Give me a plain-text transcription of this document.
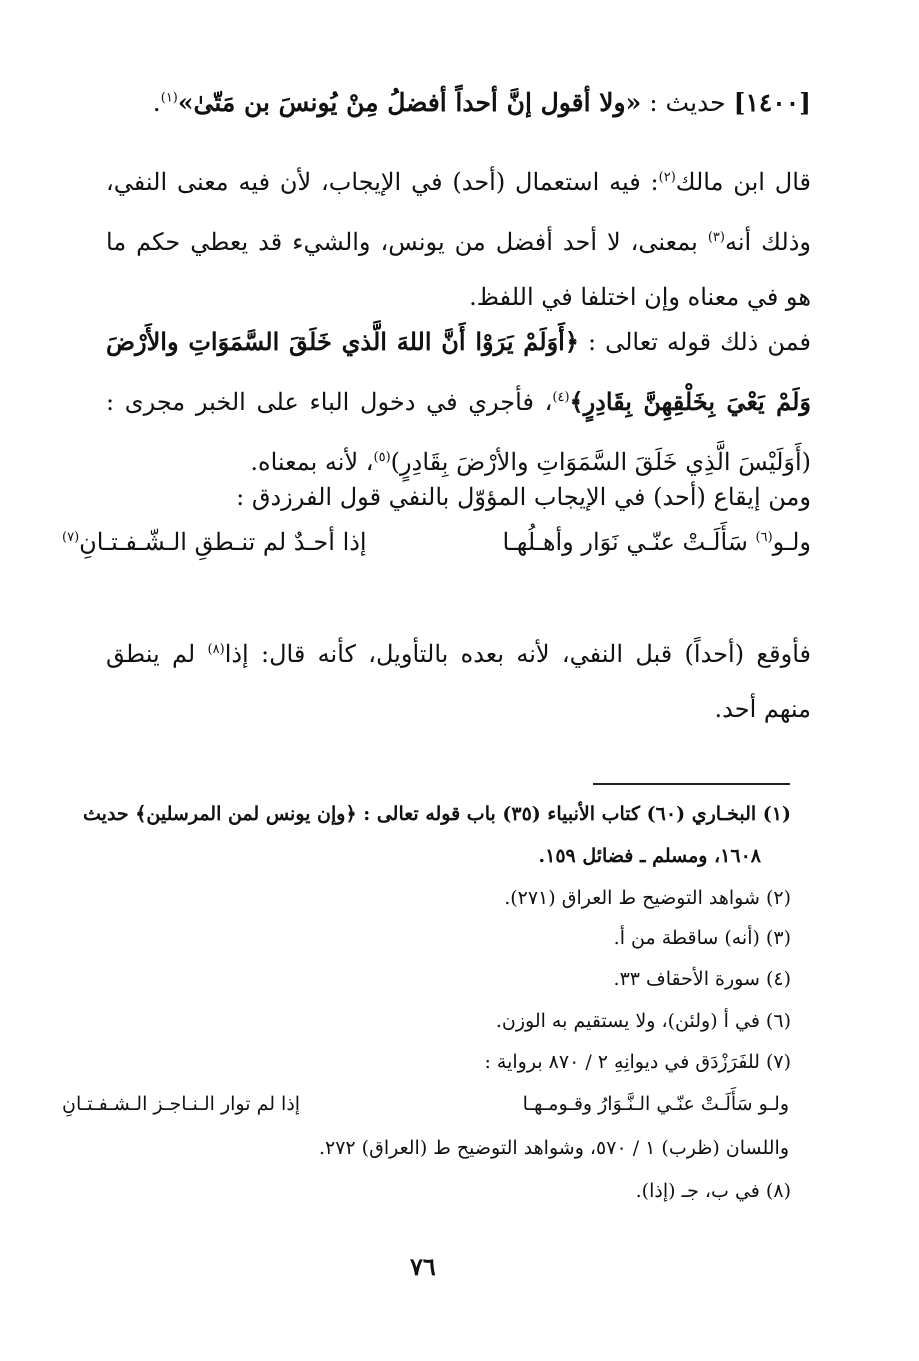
[١٤٠٠] حديث : «ولا أقول إنَّ أحداً أفضلُ مِنْ يُونسَ بن مَتّىٰ»$^{(١)}$.
قال ابن مالك$^{(٢)}$: فيه استعمال (أحد) في الإيجاب، لأن فيه معنى النفي، وذلك أنه$^{(٣)}$ بمعنى، لا أحد أفضل من يونس، والشيء قد يعطي حكم ما هو في معناه وإن اختلفا في اللفظ.
فمن ذلك قوله تعالى : ﴿أَوَلَمْ يَرَوْا أَنَّ اللهَ الَّذي خَلَقَ السَّمَوَاتِ والأَرْضَ وَلَمْ يَعْيَ بِخَلْقِهِنَّ بِقَادِرٍ﴾$^{(٤)}$، فأجري في دخول الباء على الخبر مجرى : (أَوَلَيْسَ الَّذِي خَلَقَ السَّمَوَاتِ والأرْضَ بِقَادِرٍ)$^{(٥)}$، لأنه بمعناه.
ومن إيقاع (أحد) في الإيجاب المؤوّل بالنفي قول الفرزدق :
ولـو$^{(٦)}$ سَأَلَـتْ عنّـي نَوَار وأهـلُهـا
إذا أحـدٌ لم تنـطقِ الـشّـفـتـانِ$^{(٧)}$
فأوقع (أحداً) قبل النفي، لأنه بعده بالتأويل، كأنه قال: إذا$^{(٨)}$ لم ينطق منهم أحد.
(١) البخـاري (٦٠) كتاب الأنبياء (٣٥) باب قوله تعالى : ﴿وإن يونس لمن المرسلين﴾ حديث
١٦٠٨، ومسلم ـ فضائل ١٥٩.
(٢) شواهد التوضيح ط العراق (٢٧١).
(٣) (أنه) ساقطة من أ.
(٤) سورة الأحقاف ٣٣.
(٦) في أ (ولئن)، ولا يستقيم به الوزن.
(٧) للفَرَزْدَق في ديوانِهِ ٢ / ٨٧٠ برواية :
ولـو سَأَلَـتْ عنّـي الـنَّـوَارُ وقـومـهـا
إذا لم توار الـنـاجـز الـشـفـتـانِ
واللسان (ظرب) ١ / ٥٧٠، وشواهد التوضيح ط (العراق) ٢٧٢.
(٨) في ب، جـ (إذا).
٧٦
